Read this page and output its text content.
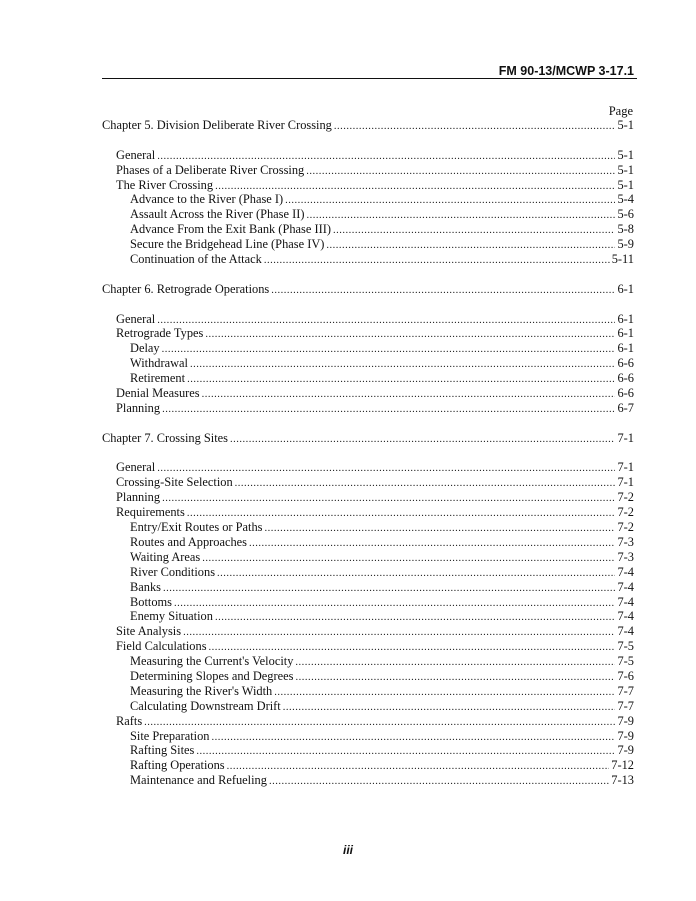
FM 90-13/MCWP 3-17.1
Page
Chapter 5. Division Deliberate River Crossing .....	5-1
General .....	5-1
Phases of a Deliberate River Crossing .....	5-1
The River Crossing .....	5-1
Advance to the River (Phase I) .....	5-4
Assault Across the River (Phase II) .....	5-6
Advance From the Exit Bank (Phase III) .....	5-8
Secure the Bridgehead Line (Phase IV) .....	5-9
Continuation of the Attack .....	5-11
Chapter 6. Retrograde Operations .....	6-1
General .....	6-1
Retrograde Types .....	6-1
Delay .....	6-1
Withdrawal .....	6-6
Retirement .....	6-6
Denial Measures .....	6-6
Planning .....	6-7
Chapter 7. Crossing Sites .....	7-1
General .....	7-1
Crossing-Site Selection .....	7-1
Planning .....	7-2
Requirements .....	7-2
Entry/Exit Routes or Paths .....	7-2
Routes and Approaches .....	7-3
Waiting Areas .....	7-3
River Conditions .....	7-4
Banks .....	7-4
Bottoms .....	7-4
Enemy Situation .....	7-4
Site Analysis .....	7-4
Field Calculations .....	7-5
Measuring the Current's Velocity .....	7-5
Determining Slopes and Degrees .....	7-6
Measuring the River's Width .....	7-7
Calculating Downstream Drift .....	7-7
Rafts .....	7-9
Site Preparation .....	7-9
Rafting Sites .....	7-9
Rafting Operations .....	7-12
Maintenance and Refueling .....	7-13
iii
